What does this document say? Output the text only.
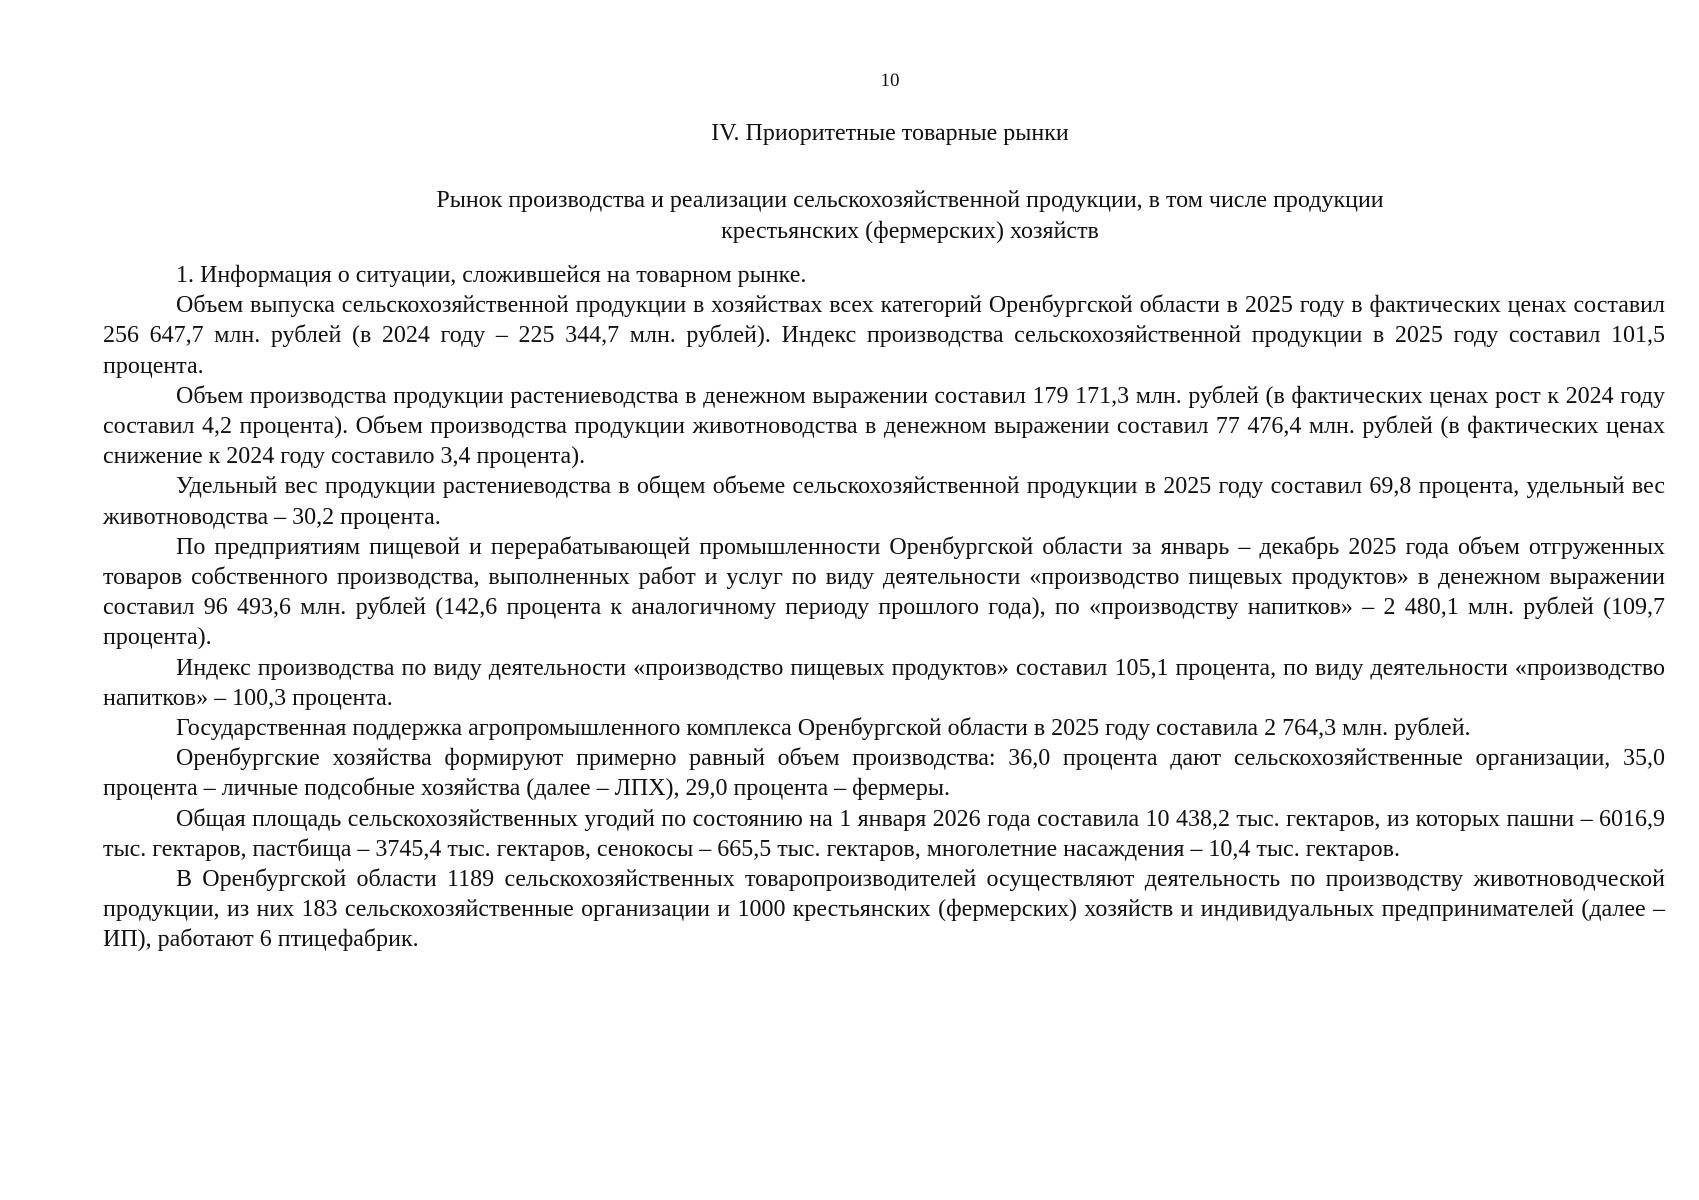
10
IV. Приоритетные товарные рынки
Рынок производства и реализации сельскохозяйственной продукции, в том числе продукции
крестьянских (фермерских) хозяйств

1. Информация о ситуации, сложившейся на товарном рынке.

Объем выпуска сельскохозяйственной продукции в хозяйствах всех категорий Оренбургской области в 2025 году в фактических ценах составил 256 647,7 млн. рублей (в 2024 году – 225 344,7 млн. рублей). Индекс производства сельскохозяйственной продукции в 2025 году составил 101,5 процента.

Объем производства продукции растениеводства в денежном выражении составил 179 171,3 млн. рублей (в фактических ценах рост к 2024 году составил 4,2 процента). Объем производства продукции животноводства в денежном выражении составил 77 476,4 млн. рублей (в фактических ценах снижение к 2024 году составило 3,4 процента).

Удельный вес продукции растениеводства в общем объеме сельскохозяйственной продукции в 2025 году составил 69,8 процента, удельный вес животноводства – 30,2 процента.

По предприятиям пищевой и перерабатывающей промышленности Оренбургской области за январь – декабрь 2025 года объем отгруженных товаров собственного производства, выполненных работ и услуг по виду деятельности «производство пищевых продуктов» в денежном выражении составил 96 493,6 млн. рублей (142,6 процента к аналогичному периоду прошлого года), по «производству напитков» – 2 480,1 млн. рублей (109,7 процента).

Индекс производства по виду деятельности «производство пищевых продуктов» составил 105,1 процента, по виду деятельности «производство напитков» – 100,3 процента.

Государственная поддержка агропромышленного комплекса Оренбургской области в 2025 году составила 2 764,3 млн. рублей.

Оренбургские хозяйства формируют примерно равный объем производства: 36,0 процента дают сельскохозяйственные организации, 35,0 процента – личные подсобные хозяйства (далее – ЛПХ), 29,0 процента – фермеры.

Общая площадь сельскохозяйственных угодий по состоянию на 1 января 2026 года составила 10 438,2 тыс. гектаров, из которых пашни – 6016,9 тыс. гектаров, пастбища – 3745,4 тыс. гектаров, сенокосы – 665,5 тыс. гектаров, многолетние насаждения – 10,4 тыс. гектаров.

В Оренбургской области 1189 сельскохозяйственных товаропроизводителей осуществляют деятельность по производству животноводческой продукции, из них 183 сельскохозяйственные организации и 1000 крестьянских (фермерских) хозяйств и индивидуальных предпринимателей (далее – ИП), работают 6 птицефабрик.
